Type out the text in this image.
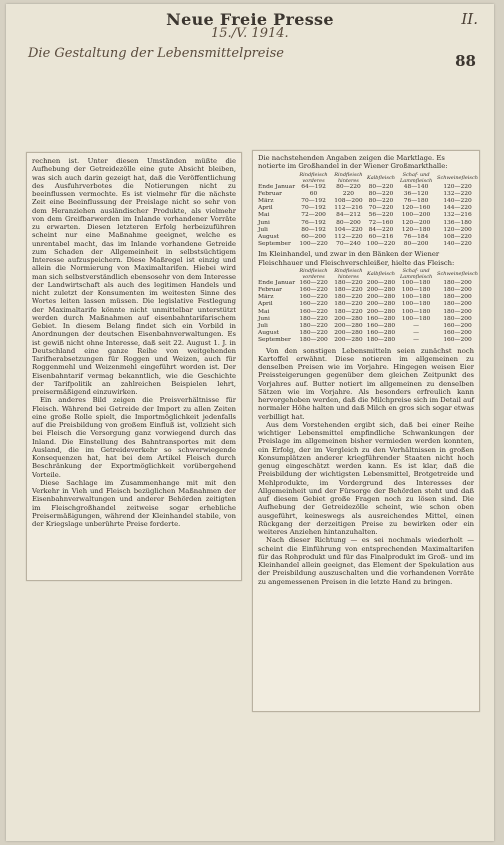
Neue Freie Presse	II.
15./V. 1914.
Die Gestaltung der Lebensmittelpreise	88

rechnen ist. Unter diesen Umständen müßte die Aufhebung der Getreidezölle eine gute Absicht bleiben, was sich auch darin gezeigt hat, daß die Veröffentlichung des Ausfuhrverbotes die Notierungen nicht zu beeinflussen vermochte. Es ist vielmehr für die nächste Zeit eine Beeinflussung der Preislage nicht so sehr von dem Heranziehen ausländischer Produkte, als vielmehr von dem Greifbarwerden im Inlande vorhandener Vorräte zu erwarten. Diesen letzteren Erfolg herbeizuführen scheint nur eine Maßnahme geeignet, welche es unrentabel macht, das im Inlande vorhandene Getreide zum Schaden der Allgemeinheit in selbstsüchtigem Interesse aufzuspeichern. Diese Maßregel ist einzig und allein die Normierung von Maximaltarifen. Hiebei wird man sich selbstverständlich ebensosehr von dem Interesse der Landwirtschaft als auch des legitimen Handels und nicht zuletzt der Konsumenten im weitesten Sinne des Wortes leiten lassen müssen. Die legislative Festlegung der Maximaltarife könnte nicht unmittelbar unterstützt werden durch Maßnahmen auf eisenbahntarifarischem Gebiet. In diesem Belang findet sich ein Vorbild in Anordnungen der deutschen Eisenbahnverwaltungen. Es ist gewiß nicht ohne Interesse, daß seit 22. August 1. J. in Deutschland eine ganze Reihe von weitgehenden Tarifherabsetzungen für Roggen und Weizen, auch für Roggenmehl und Weizenmehl eingeführt worden ist. Der Eisenbahntarif vermag bekanntlich, wie die Geschichte der Tarifpolitik an zahlreichen Beispielen lehrt, preisermäßigend einzuwirken.

Ein anderes Bild zeigen die Preisverhältnisse für Fleisch. Während bei Getreide der Import zu allen Zeiten eine große Rolle spielt, die Importmöglichkeit jedenfalls auf die Preisbildung von großem Einfluß ist, vollzieht sich bei Fleisch die Versorgung ganz vorwiegend durch das Inland. Die Einstellung des Bahntransportes mit dem Ausland, die im Getreideverkehr so schwerwiegende Konsequenzen hat, hat bei dem Artikel Fleisch durch Beschränkung der Exportmöglichkeit vorübergehend Vorteile.

Diese Sachlage im Zusammenhange mit mit den Verkehr in Vieh und Fleisch bezüglichen Maßnahmen der Eisenbahnverwaltungen und anderer Behörden zeitigten im Fleischgroßhandel zeitweise sogar erhebliche Preisermäßigungen, während der Kleinhandel stabile, von der Kriegslage unberührte Preise forderte.

Die nachstehenden Angaben zeigen die Marktlage. Es notierte im Großhandel in der Wiener Großmarkthalle:
	Rindfleisch vorderes	Rindfleisch hinteres	Kalbfleisch	Schaf- und Lammfleisch	Schweinefleisch
Ende Januar	64—192	80—220	80—220	48—140	120—220
Februar	60	220	80—220	36—120	132—220
März	70—192	108—200	80—220	76—180	140—220
April	70—192	112—216	70—220	120—160	144—220
Mai	72—200	84—212	56—220	100—200	132—216
Juni	76—192	80—200	72—160	120—200	136—180
Juli	80—192	104—220	84—220	120—180	120—200
August	60—200	112—220	60—216	76—184	108—220
September	100—220	70—240	100—220	80—200	140—220
Im Kleinhandel, und zwar in den Bänken der Wiener Fleischhauer und Fleischverschleißer, hielte das Fleisch:
	Rindfleisch vorderes	Rindfleisch hinteres	Kalbfleisch	Schaf- und Lammfleisch	Schweinefleisch
Ende Januar	160—220	180—220	200—280	100—180	180—200
Februar	160—220	180—220	200—280	100—180	180—200
März	160—220	180—220	200—280	100—180	180—200
April	160—220	180—220	200—280	100—180	180—200
Mai	160—220	180—220	200—280	100—180	180—200
Juni	180—220	200—280	160—280	100—180	180—200
Juli	180—220	200—280	160—280	—	160—200
August	180—220	200—280	160—280	—	160—200
September	180—200	200—280	180—280	—	160—200

Von den sonstigen Lebensmitteln seien zunächst noch Kartoffel erwähnt. Diese notieren im allgemeinen zu denselben Preisen wie im Vorjahre. Hingegen weisen Eier Preissteigerungen gegenüber dem gleichen Zeitpunkt des Vorjahres auf. Butter notiert im allgemeinen zu denselben Sätzen wie im Vorjahre. Als besonders erfreulich kann hervorgehoben werden, daß die Milchpreise sich im Detail auf normaler Höhe halten und daß Milch en gros sich sogar etwas verbilligt hat.

Aus dem Vorstehenden ergibt sich, daß bei einer Reihe wichtiger Lebensmittel empfindliche Schwankungen der Preislage im allgemeinen bisher vermieden werden konnten, ein Erfolg, der im Vergleich zu den Verhältnissen in großen Konsumplätzen anderer kriegführender Staaten nicht hoch genug eingeschätzt werden kann. Es ist klar, daß die Preisbildung der wichtigsten Lebensmittel, Brotgetreide und Mehlprodukte, im Vordergrund des Interesses der Allgemeinheit und der Fürsorge der Behörden steht und daß auf diesem Gebiet große Fragen noch zu lösen sind. Die Aufhebung der Getreidezölle scheint, wie schon oben ausgeführt, keineswegs als ausreichendes Mittel, einen Rückgang der derzeitigen Preise zu bewirken oder ein weiteres Anziehen hintanzuhalten.

Nach dieser Richtung — es sei nochmals wiederholt — scheint die Einführung von entsprechenden Maximaltarifen für das Rohprodukt und für das Finalprodukt im Groß- und im Kleinhandel allein geeignet, das Element der Spekulation aus der Preisbildung auszuschalten und die vorhandenen Vorräte zu angemessenen Preisen in die letzte Hand zu bringen.
